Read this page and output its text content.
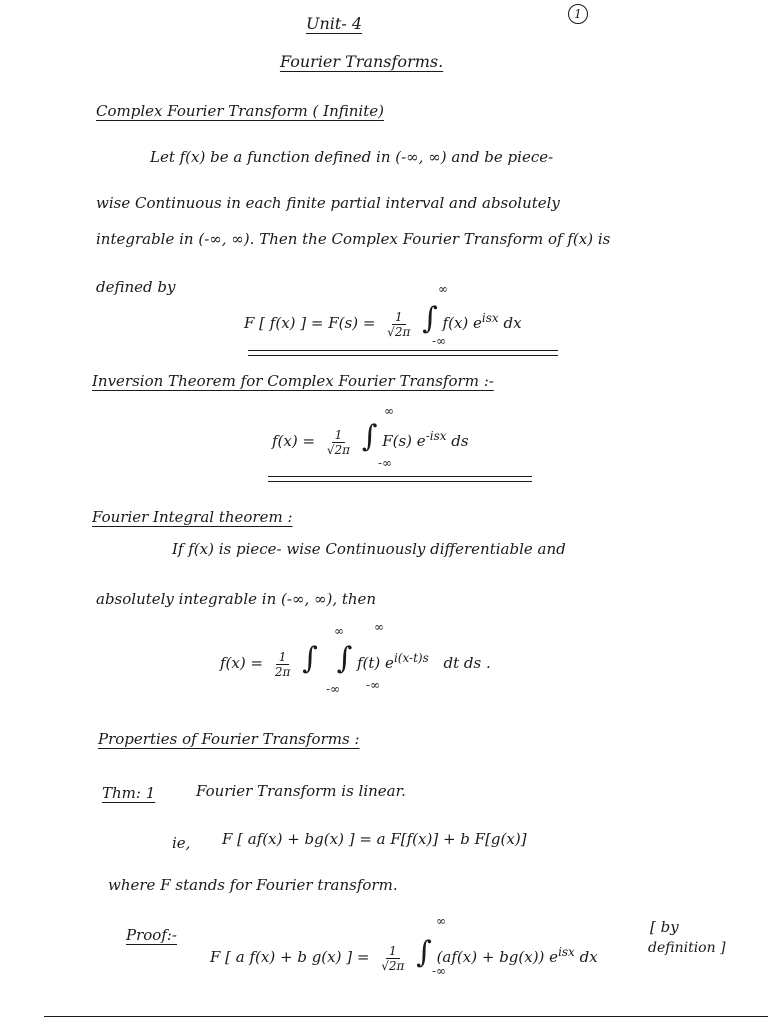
1
Unit- 4
Fourier Transforms.
Complex Fourier Transform ( Infinite)
Let f(x) be a function defined in (-∞, ∞) and be piece-
wise Continuous in each finite partial interval and absolutely
integrable in (-∞, ∞). Then the Complex Fourier Transform of f(x) is
defined by
F [ f(x) ] = $F(s) = \frac{1}{√2\pi}$ ∫ f(x) $e^{isx}$ dx
∞
-∞
Inversion Theorem for Complex Fourier Transform :-
$f(x) = \frac{1}{√2\pi}$ ∫ F(s) $e^{-isx}$ ds
∞
-∞
Fourier Integral theorem :
If f(x) is piece- wise Continuously differentiable and
absolutely integrable in (-∞, ∞), then
$f(x) = \frac{1}{2\pi}$ ∫ ∫ f(t) $e^{i(x-t)s}$ dt ds .
∞
-∞
∞
-∞
Properties of Fourier Transforms :
Thm: 1	Fourier Transform is linear.
ie, F [ af(x) + bg(x) ] = a F[f(x)] + b F[g(x)]
where F stands for Fourier transform.
Proof:-
F [ a f(x) + b g(x) ] = $\frac{1}{√2\pi}$ ∫ (af(x) + bg(x)) $e^{isx}$ dx
[ by
definition ]
∞
-∞
